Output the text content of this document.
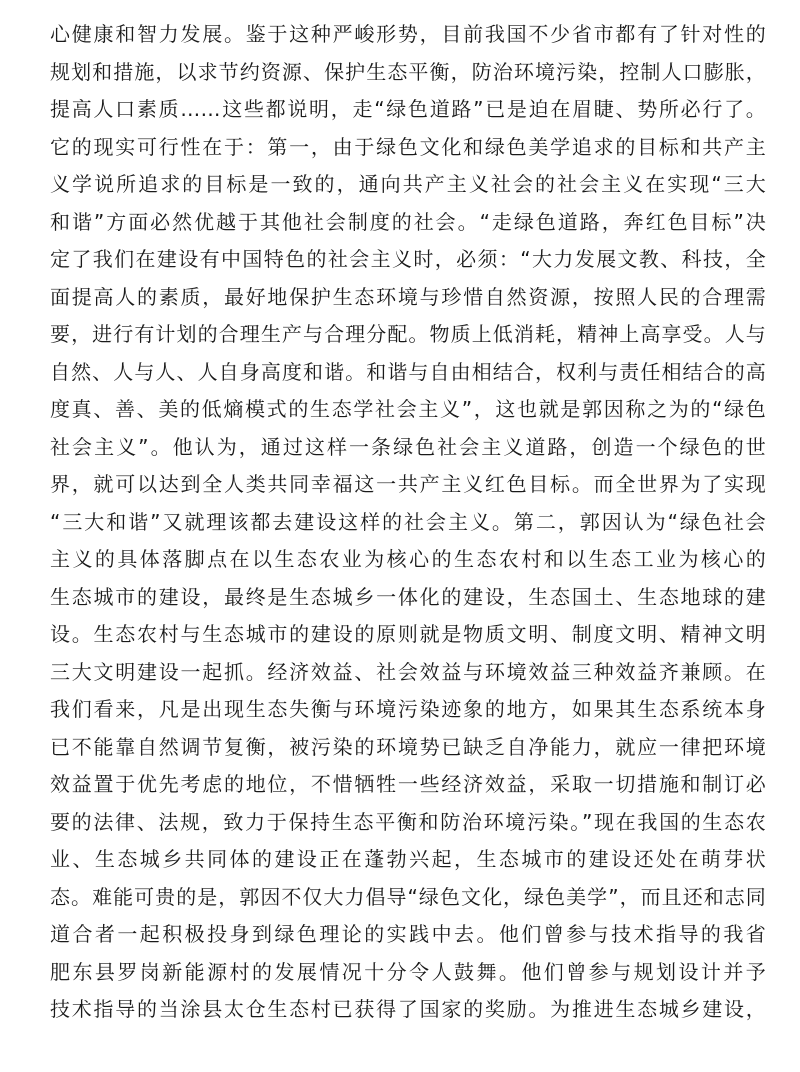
心健康和智力发展。鉴于这种严峻形势，目前我国不少省市都有了针对性的
规划和措施，以求节约资源、保护生态平衡，防治环境污染，控制人口膨胀，
提高人口素质……这些都说明，走“绿色道路”已是迫在眉睫、势所必行了。
它的现实可行性在于：第一，由于绿色文化和绿色美学追求的目标和共产主
义学说所追求的目标是一致的，通向共产主义社会的社会主义在实现“三大
和谐”方面必然优越于其他社会制度的社会。“走绿色道路，奔红色目标”决
定了我们在建设有中国特色的社会主义时，必须：“大力发展文教、科技，全
面提高人的素质，最好地保护生态环境与珍惜自然资源，按照人民的合理需
要，进行有计划的合理生产与合理分配。物质上低消耗，精神上高享受。人与
自然、人与人、人自身高度和谐。和谐与自由相结合，权利与责任相结合的高
度真、善、美的低熵模式的生态学社会主义”，这也就是郭因称之为的“绿色
社会主义”。他认为，通过这样一条绿色社会主义道路，创造一个绿色的世
界，就可以达到全人类共同幸福这一共产主义红色目标。而全世界为了实现
“三大和谐”又就理该都去建设这样的社会主义。第二，郭因认为“绿色社会
主义的具体落脚点在以生态农业为核心的生态农村和以生态工业为核心的
生态城市的建设，最终是生态城乡一体化的建设，生态国土、生态地球的建
设。生态农村与生态城市的建设的原则就是物质文明、制度文明、精神文明
三大文明建设一起抓。经济效益、社会效益与环境效益三种效益齐兼顾。在
我们看来，凡是出现生态失衡与环境污染迹象的地方，如果其生态系统本身
已不能靠自然调节复衡，被污染的环境势已缺乏自净能力，就应一律把环境
效益置于优先考虑的地位，不惜牺牲一些经济效益，采取一切措施和制订必
要的法律、法规，致力于保持生态平衡和防治环境污染。”现在我国的生态农
业、生态城乡共同体的建设正在蓬勃兴起，生态城市的建设还处在萌芽状
态。难能可贵的是，郭因不仅大力倡导“绿色文化，绿色美学”，而且还和志同
道合者一起积极投身到绿色理论的实践中去。他们曾参与技术指导的我省
肥东县罗岗新能源村的发展情况十分令人鼓舞。他们曾参与规划设计并予
技术指导的当涂县太仓生态村已获得了国家的奖励。为推进生态城乡建设，
